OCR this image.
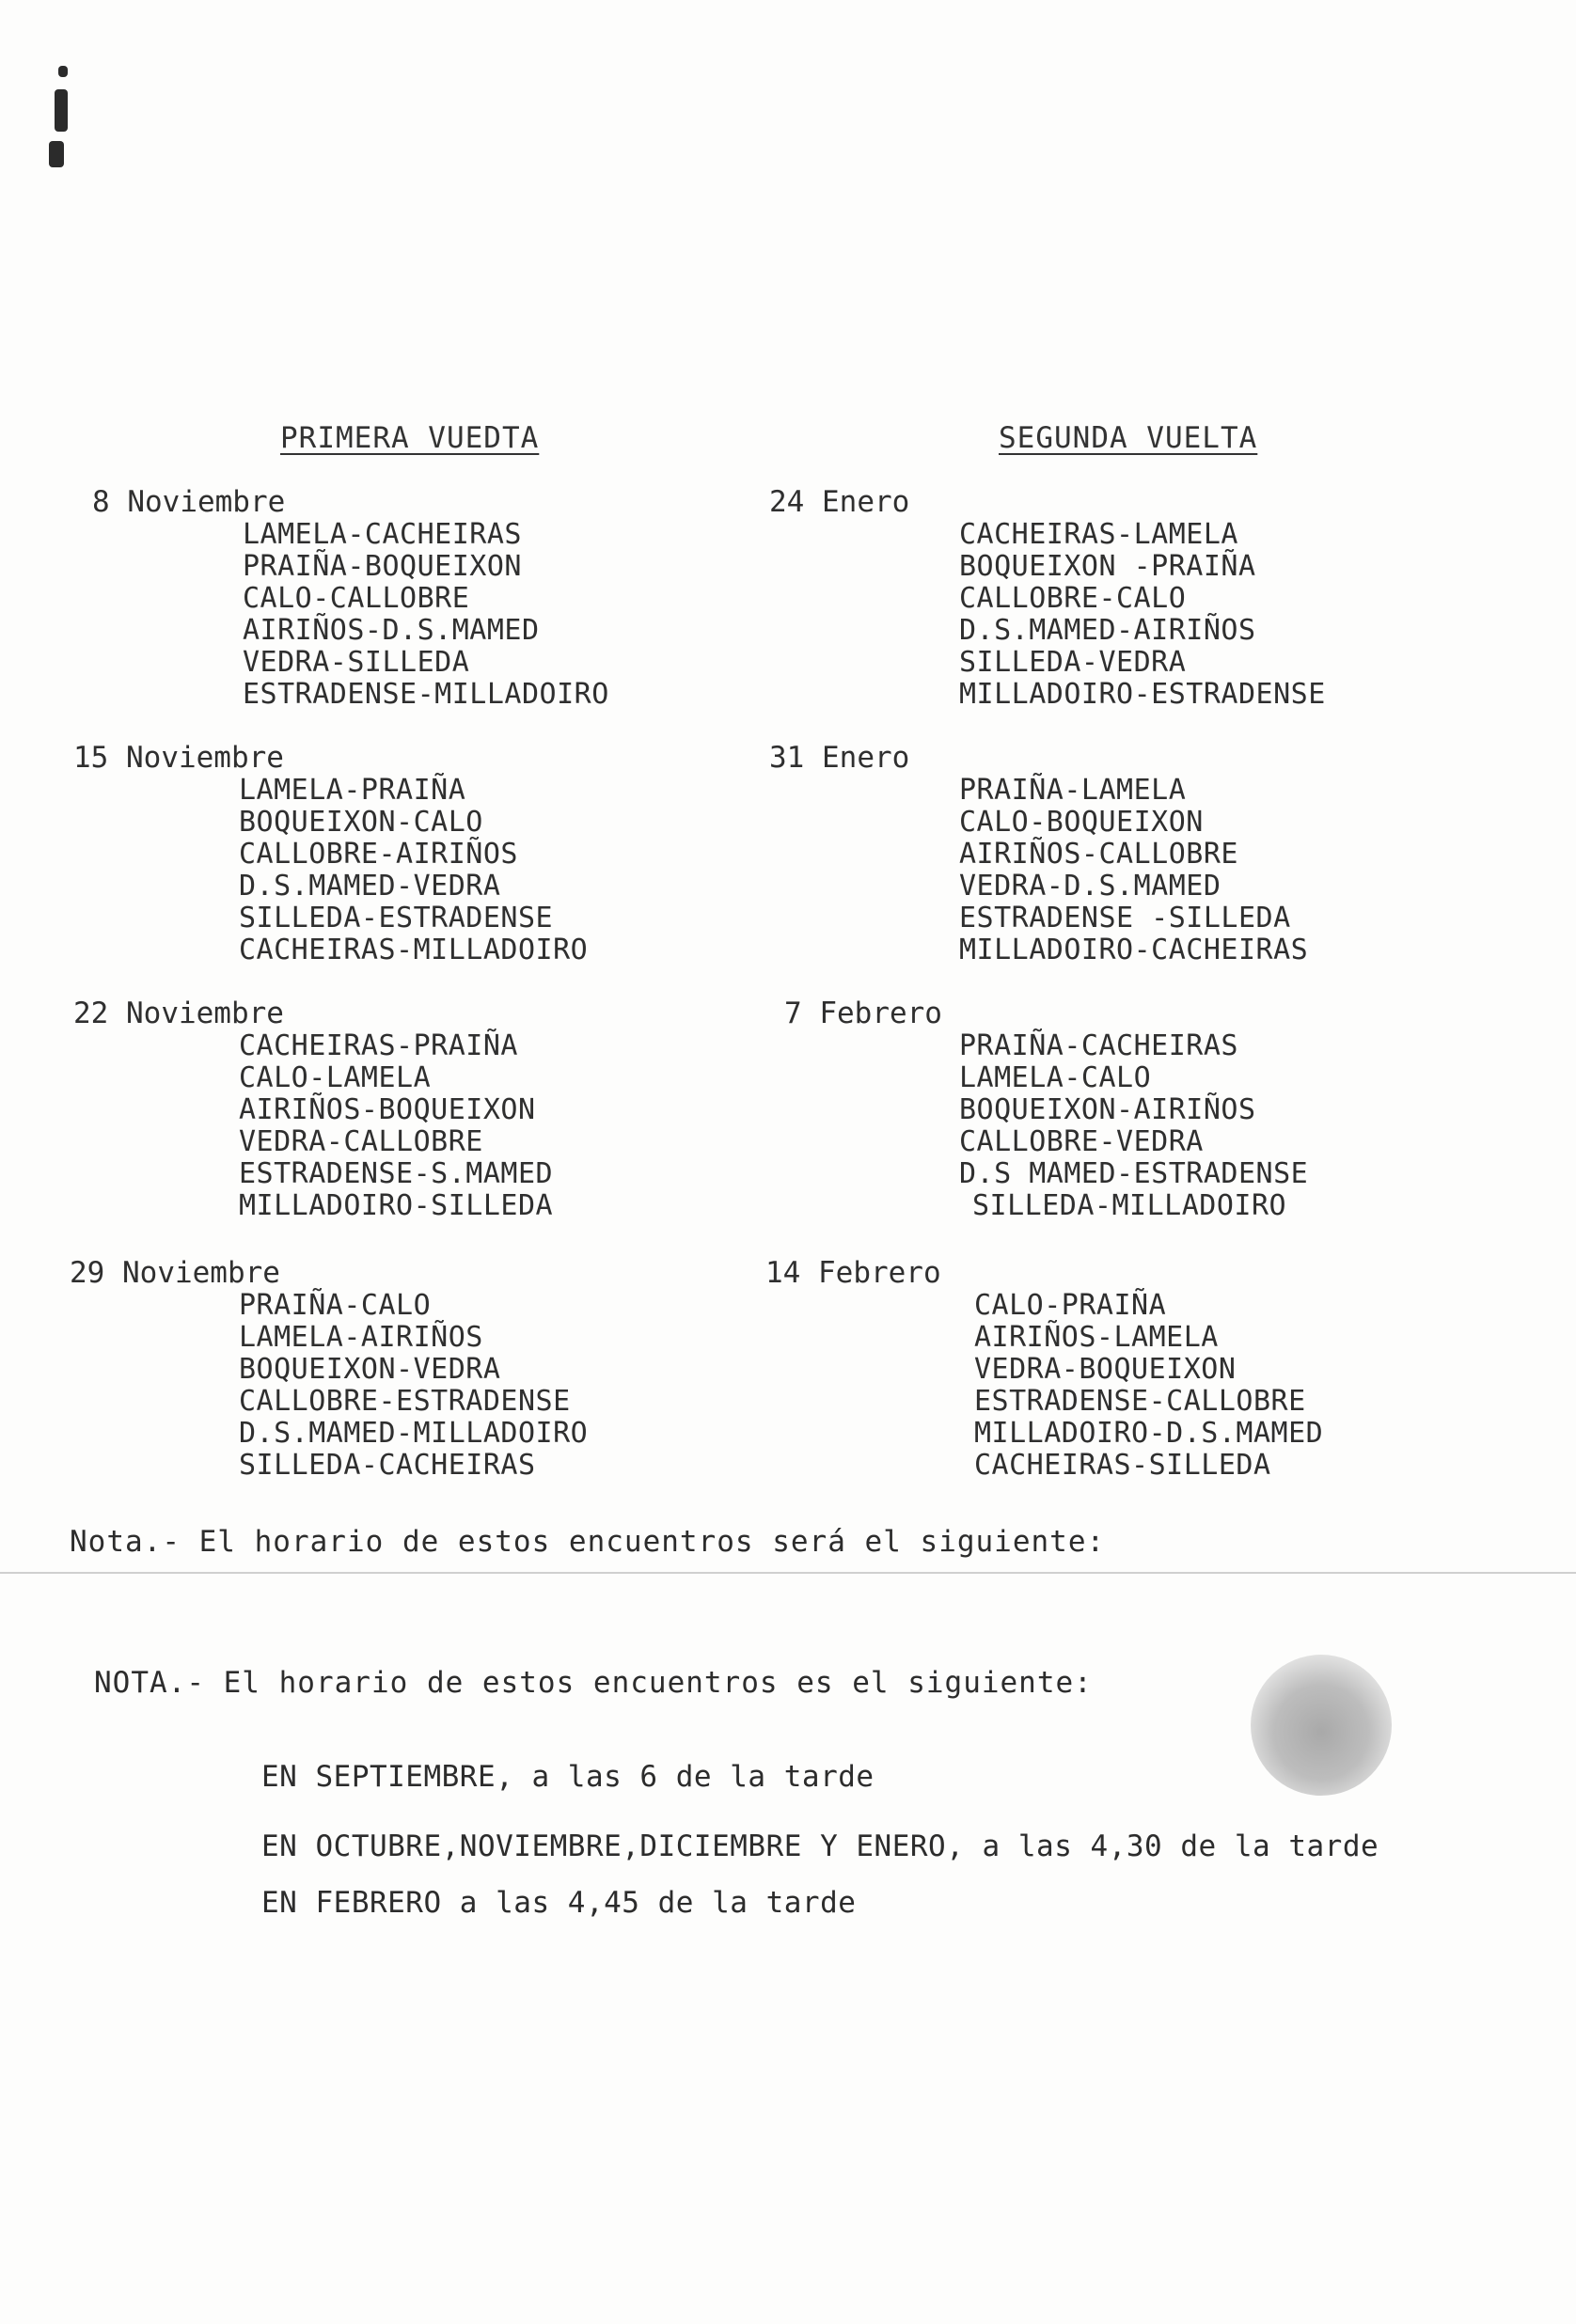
PRIMERA VUEDTA	SEGUNDA VUELTA
8 Noviembre
LAMELA-CACHEIRAS
PRAIÑA-BOQUEIXON
CALO-CALLOBRE
AIRIÑOS-D.S.MAMED
VEDRA-SILLEDA
ESTRADENSE-MILLADOIRO
15 Noviembre
LAMELA-PRAIÑA
BOQUEIXON-CALO
CALLOBRE-AIRIÑOS
D.S.MAMED-VEDRA
SILLEDA-ESTRADENSE
CACHEIRAS-MILLADOIRO
22 Noviembre
CACHEIRAS-PRAIÑA
CALO-LAMELA
AIRIÑOS-BOQUEIXON
VEDRA-CALLOBRE
ESTRADENSE-S.MAMED
MILLADOIRO-SILLEDA
29 Noviembre
PRAIÑA-CALO
LAMELA-AIRIÑOS
BOQUEIXON-VEDRA
CALLOBRE-ESTRADENSE
D.S.MAMED-MILLADOIRO
SILLEDA-CACHEIRAS
24 Enero
CACHEIRAS-LAMELA
BOQUEIXON -PRAIÑA
CALLOBRE-CALO
D.S.MAMED-AIRIÑOS
SILLEDA-VEDRA
MILLADOIRO-ESTRADENSE
31 Enero
PRAIÑA-LAMELA
CALO-BOQUEIXON
AIRIÑOS-CALLOBRE
VEDRA-D.S.MAMED
ESTRADENSE -SILLEDA
MILLADOIRO-CACHEIRAS
7 Febrero
PRAIÑA-CACHEIRAS
LAMELA-CALO
BOQUEIXON-AIRIÑOS
CALLOBRE-VEDRA
D.S MAMED-ESTRADENSE
SILLEDA-MILLADOIRO
14 Febrero
CALO-PRAIÑA
AIRIÑOS-LAMELA
VEDRA-BOQUEIXON
ESTRADENSE-CALLOBRE
MILLADOIRO-D.S.MAMED
CACHEIRAS-SILLEDA
Nota.- El horario de estos encuentros será el siguiente:
NOTA.- El horario de estos encuentros es el siguiente:
EN SEPTIEMBRE, a las 6 de la tarde
EN OCTUBRE,NOVIEMBRE,DICIEMBRE Y ENERO, a las 4,30 de la tarde
EN FEBRERO a las 4,45 de la tarde
